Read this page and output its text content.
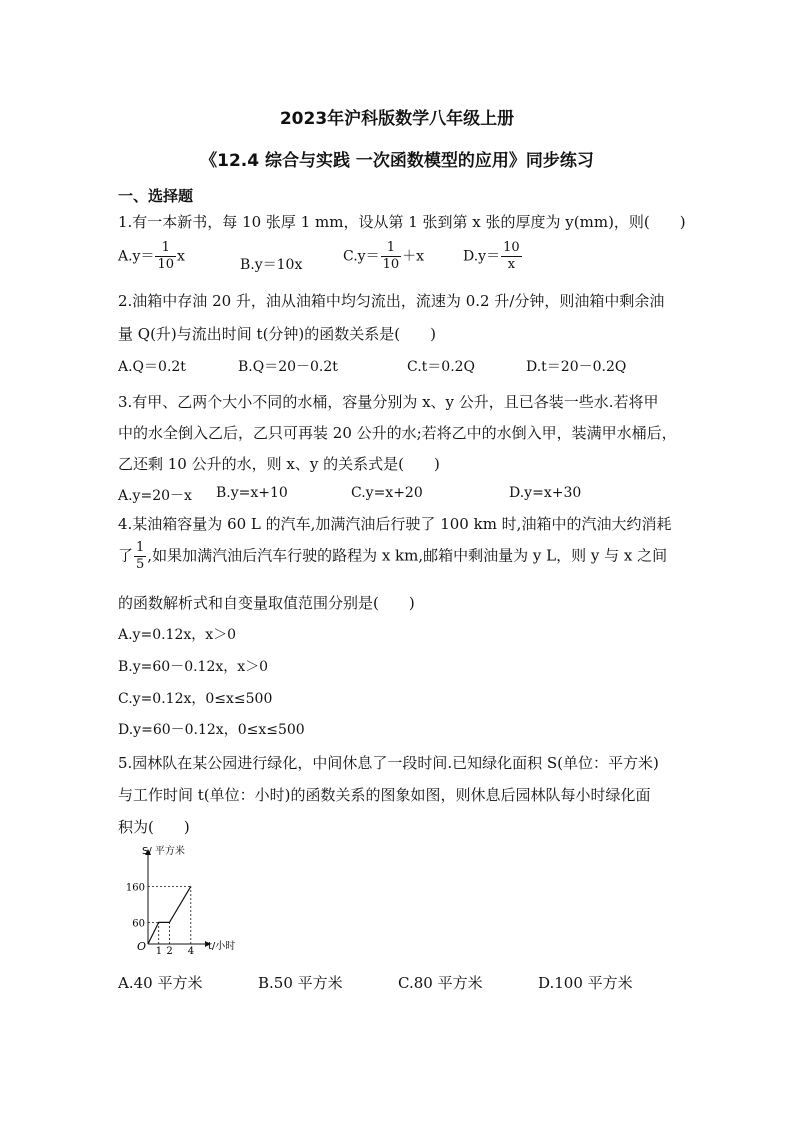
2023年沪科版数学八年级上册
《12.4 综合与实践 一次函数模型的应用》同步练习
一、选择题
1.有一本新书，每 10 张厚 1 mm，设从第 1 张到第 x 张的厚度为 y(mm)，则(　　)
$A.y= \frac{1}{10}$ x
B.y＝10x
$C.y= \frac{1}{10} +x$	$D.y= \frac{10}{x}$
2.油箱中存油 20 升，油从油箱中均匀流出，流速为 0.2 升/分钟，则油箱中剩余油
量 Q(升)与流出时间 t(分钟)的函数关系是(　　)
A.Q＝0.2t	B.Q＝20－0.2t	C.t＝0.2Q	D.t＝20－0.2Q
3.有甲、乙两个大小不同的水桶，容量分别为 x、y 公升，且已各装一些水.若将甲
中的水全倒入乙后，乙只可再装 20 公升的水;若将乙中的水倒入甲，装满甲水桶后，
乙还剩 10 公升的水，则 x、y 的关系式是(　　)
A.y=20－x B.y=x+10	C.y=x+20	D.y=x+30
4.某油箱容量为 60 L 的汽车,加满汽油后行驶了 100 km 时,油箱中的汽油大约消耗
了 $\frac{1}{5}$ ,如果加满汽油后汽车行驶的路程为 x km,邮箱中剩油量为 y L，则 y 与 x 之间
的函数解析式和自变量取值范围分别是(　　)
A.y=0.12x，x＞0
B.y=60－0.12x，x＞0
C.y=0.12x，0≤x≤500
D.y=60－0.12x，0≤x≤500
5.园林队在某公园进行绿化，中间休息了一段时间.已知绿化面积 S(单位：平方米)
与工作时间 t(单位：小时)的函数关系的图象如图，则休息后园林队每小时绿化面
积为(　　)
S/ 平方米
t/小时
O 1 2 4
60
160
A.40 平方米	B.50 平方米	C.80 平方米	D.100 平方米
